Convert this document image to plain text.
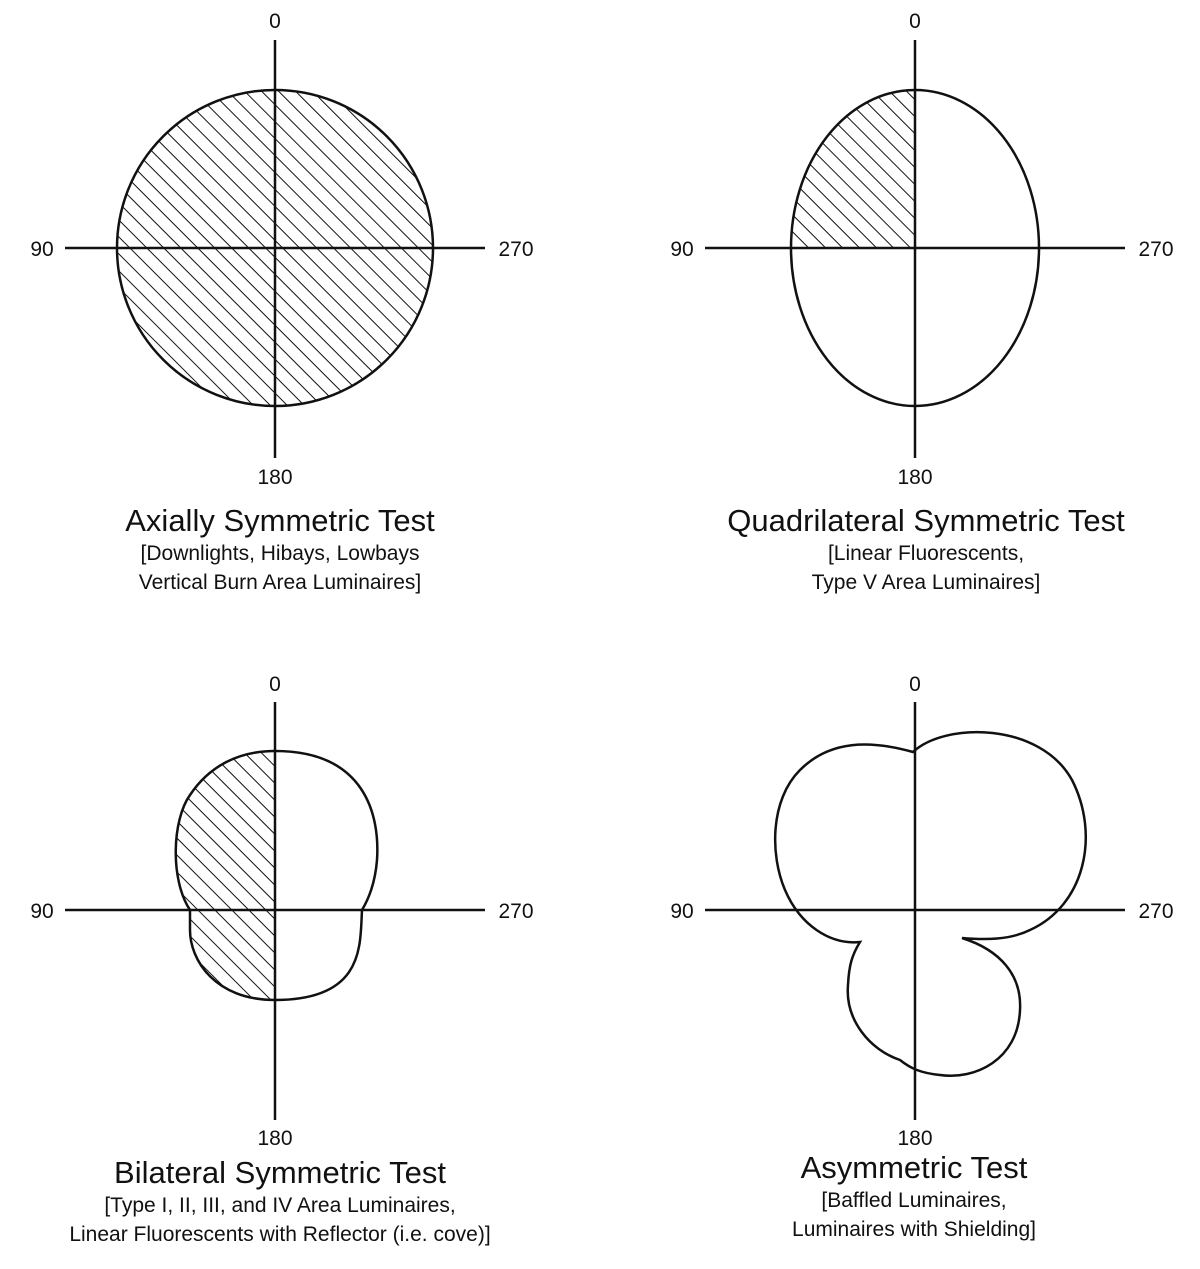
0
90	270
180
0
90	270
180
0
90	270
180
0
90	270
180
Axially Symmetric Test
[Downlights, Hibays, Lowbays
Vertical Burn Area Luminaires]
Quadrilateral Symmetric Test
[Linear Fluorescents,
Type V Area Luminaires]
Bilateral Symmetric Test
[Type I, II, III, and IV Area Luminaires,
Linear Fluorescents with Reflector (i.e. cove)]
Asymmetric Test
[Baffled Luminaires,
Luminaires with Shielding]
